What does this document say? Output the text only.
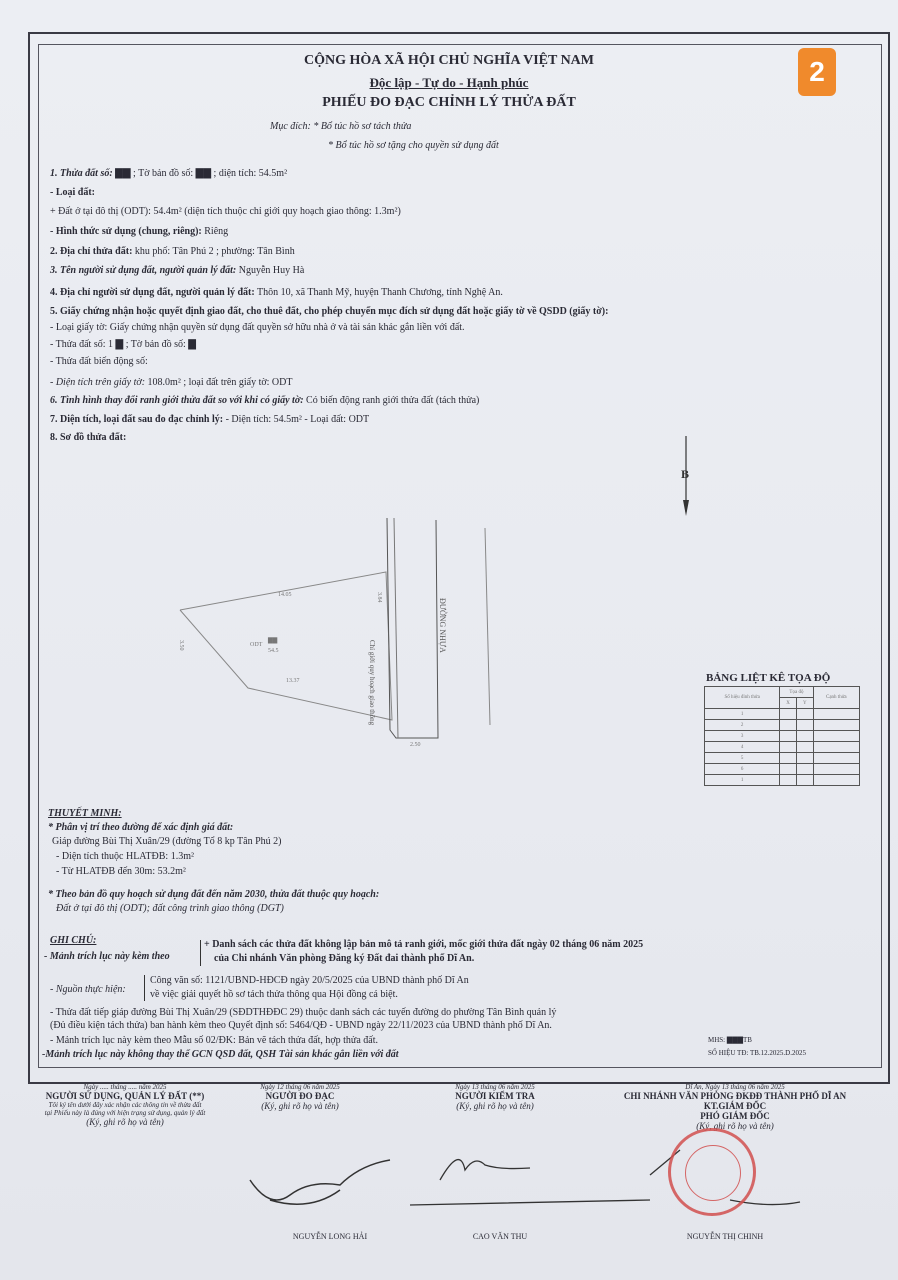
2
CỘNG HÒA XÃ HỘI CHỦ NGHĨA VIỆT NAM
Độc lập - Tự do - Hạnh phúc
PHIẾU ĐO ĐẠC CHỈNH LÝ THỬA ĐẤT
Mục đích: * Bổ túc hồ sơ tách thửa
* Bổ túc hồ sơ tặng cho quyền sử dụng đất
1. Thửa đất số: ▇▇ ; Tờ bản đồ số: ▇▇ ; diện tích: 54.5m²
- Loại đất:
+ Đất ở tại đô thị (ODT): 54.4m² (diện tích thuộc chỉ giới quy hoạch giao thông: 1.3m²)
- Hình thức sử dụng (chung, riêng): Riêng
2. Địa chỉ thửa đất: khu phố: Tân Phú 2 ; phường: Tân Bình
3. Tên người sử dụng đất, người quản lý đất: Nguyễn Huy Hà
4. Địa chỉ người sử dụng đất, người quản lý đất: Thôn 10, xã Thanh Mỹ, huyện Thanh Chương, tỉnh Nghệ An.
5. Giấy chứng nhận hoặc quyết định giao đất, cho thuê đất, cho phép chuyển mục đích sử dụng đất hoặc giấy tờ về QSDD (giấy tờ):
- Loại giấy tờ: Giấy chứng nhận quyền sử dụng đất quyền sở hữu nhà ở và tài sản khác gắn liền với đất.
- Thửa đất số: 1 ▇ ; Tờ bản đồ số: ▇
- Thửa đất biến động số:
- Diện tích trên giấy tờ: 108.0m² ; loại đất trên giấy tờ: ODT
6. Tình hình thay đổi ranh giới thửa đất so với khi có giấy tờ: Có biến động ranh giới thửa đất (tách thửa)
7. Diện tích, loại đất sau đo đạc chỉnh lý: - Diện tích: 54.5m² - Loại đất: ODT
8. Sơ đồ thửa đất:
B
ODT
▇▇
54.5
14.05
13.37
3.50
3.84
2.50
ĐƯỜNG NHỰA
Chỉ giới quy hoạch giao thông	BẢNG LIỆT KÊ TỌA ĐỘ
Số hiệu đỉnh thửa	Tọa độ		Cạnh thửa
	X	Y	
1			
2			
3			
4			
5			
6			
1			
THUYẾT MINH:
* Phân vị trí theo đường để xác định giá đất:
Giáp đường Bùi Thị Xuân/29 (đường Tổ 8 kp Tân Phú 2)
- Diện tích thuộc HLATĐB: 1.3m²
- Từ HLATĐB đến 30m: 53.2m²
* Theo bản đồ quy hoạch sử dụng đất đến năm 2030, thửa đất thuộc quy hoạch:
Đất ở tại đô thị (ODT); đất công trình giao thông (DGT)
GHI CHÚ:
- Mảnh trích lục này kèm theo
+ Danh sách các thửa đất không lập bản mô tả ranh giới, mốc giới thửa đất ngày 02 tháng 06 năm 2025
của Chi nhánh Văn phòng Đăng ký Đất đai thành phố Dĩ An.
- Nguồn thực hiện:
Công văn số: 1121/UBND-HĐCĐ ngày 20/5/2025 của UBND thành phố Dĩ An
về việc giải quyết hồ sơ tách thửa thông qua Hội đồng cá biệt.
- Thửa đất tiếp giáp đường Bùi Thị Xuân/29 (SĐDTHĐĐC 29) thuộc danh sách các tuyến đường do phường Tân Bình quản lý
(Đủ điều kiện tách thửa) ban hành kèm theo Quyết định số: 5464/QĐ - UBND ngày 22/11/2023 của UBND thành phố Dĩ An.
- Mảnh trích lục này kèm theo Mẫu số 02/ĐK: Bản vẽ tách thửa đất, hợp thửa đất.
-Mảnh trích lục này không thay thế GCN QSD đất, QSH Tài sản khác gắn liền với đất
MHS: ▇▇▇TB
SỐ HIỆU TĐ: TB.12.2025.D.2025
Ngày ..... tháng ..... năm 2025
NGƯỜI SỬ DỤNG, QUẢN LÝ ĐẤT (**)
Tôi ký tên dưới đây xác nhận các thông tin về thửa đất
tại Phiếu này là đúng với hiện trạng sử dụng, quản lý đất
(Ký, ghi rõ họ và tên)
Ngày 12 tháng 06 năm 2025
NGƯỜI ĐO ĐẠC
(Ký, ghi rõ họ và tên)
Ngày 13 tháng 06 năm 2025
NGƯỜI KIỂM TRA
(Ký, ghi rõ họ và tên)
Dĩ An, Ngày 13 tháng 06 năm 2025
CHI NHÁNH VĂN PHÒNG ĐKĐĐ THÀNH PHỐ DĨ AN
KT.GIÁM ĐỐC
PHÓ GIÁM ĐỐC
(Ký, ghi rõ họ và tên)
NGUYỄN LONG HẢI	CAO VĂN THU	NGUYỄN THỊ CHINH
